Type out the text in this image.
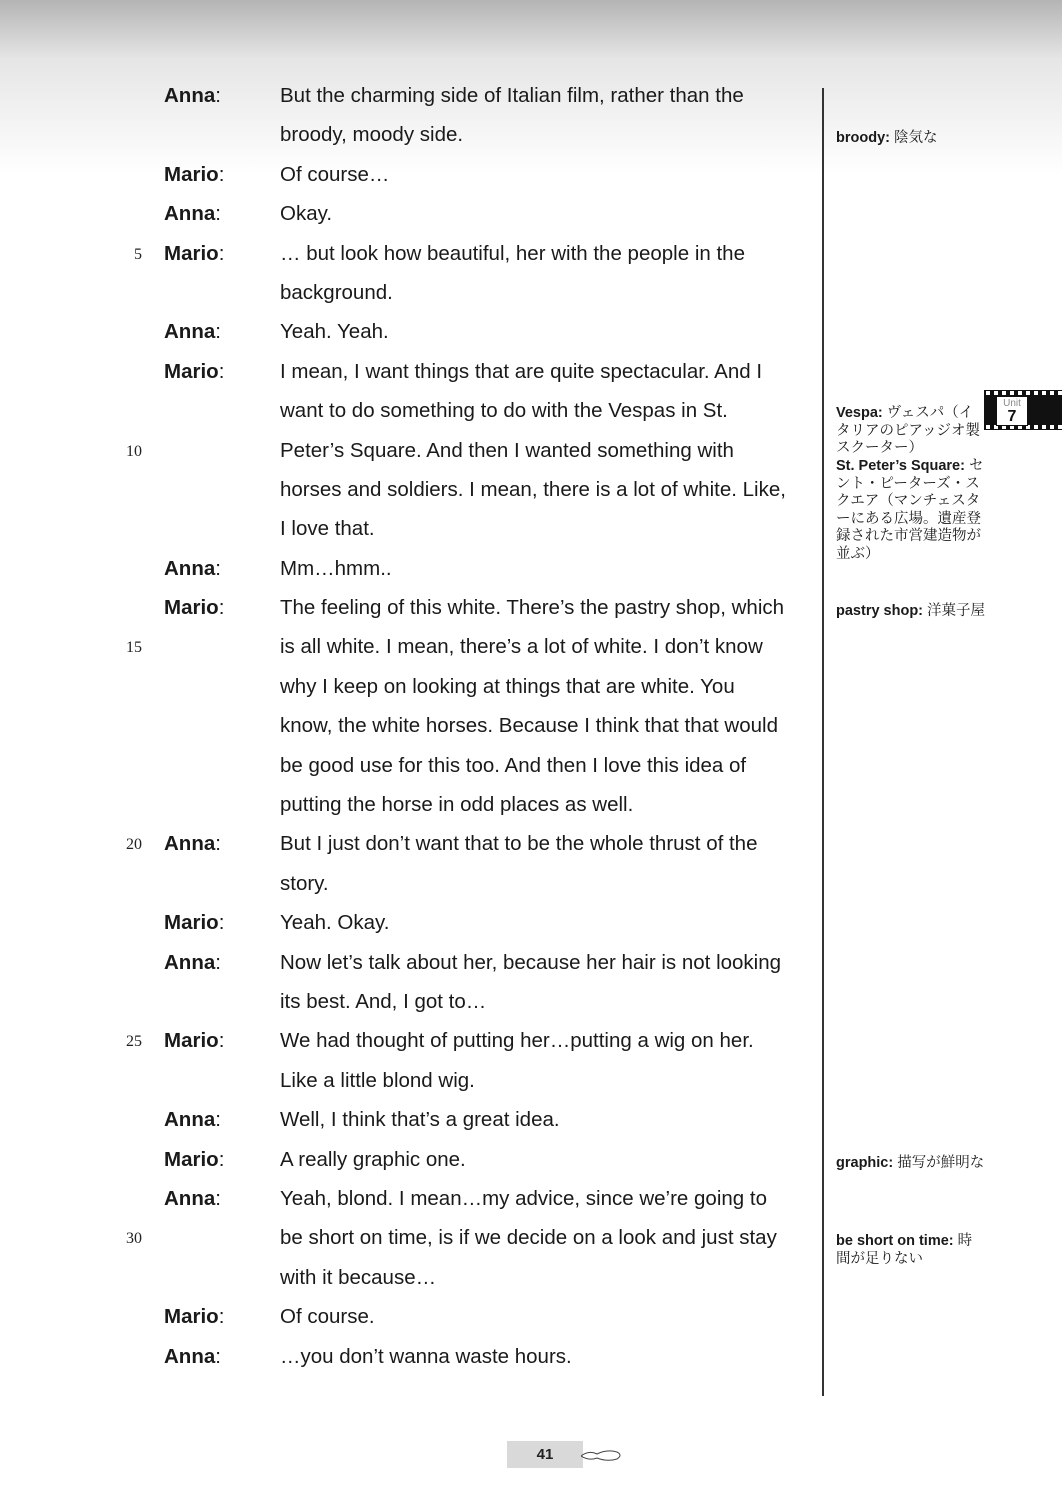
Anna:	But the charming side of Italian film, rather than the
broody, moody side.
Mario:	Of course…
Anna:	Okay.
5 Mario:	… but look how beautiful, her with the people in the
background.
Anna:	Yeah. Yeah.
Mario:	I mean, I want things that are quite spectacular. And I
want to do something to do with the Vespas in St.
10	Peter’s Square. And then I wanted something with
horses and soldiers. I mean, there is a lot of white. Like,
I love that.
Anna:	Mm…hmm..
Mario:	The feeling of this white. There’s the pastry shop, which
15	is all white. I mean, there’s a lot of white. I don’t know
why I keep on looking at things that are white. You
know, the white horses. Because I think that that would
be good use for this too. And then I love this idea of
putting the horse in odd places as well.
20 Anna:	But I just don’t want that to be the whole thrust of the
story.
Mario:	Yeah. Okay.
Anna:	Now let’s talk about her, because her hair is not looking
its best. And, I got to…
25 Mario:	We had thought of putting her…putting a wig on her.
Like a little blond wig.
Anna:	Well, I think that’s a great idea.
Mario:	A really graphic one.
Anna:	Yeah, blond. I mean…my advice, since we’re going to
30	be short on time, is if we decide on a look and just stay
with it because…
Mario:	Of course.
Anna:	…you don’t wanna waste hours.
broody: 陰気な
Vespa: ヴェスパ（イタリアのピアッジオ製スクーター）
St. Peter’s Square: セント・ピーターズ・スクエア（マンチェスターにある広場。遺産登録された市営建造物が並ぶ）
pastry shop: 洋菓子屋
graphic: 描写が鮮明な
be short on time: 時間が足りない
Unit
7
41
